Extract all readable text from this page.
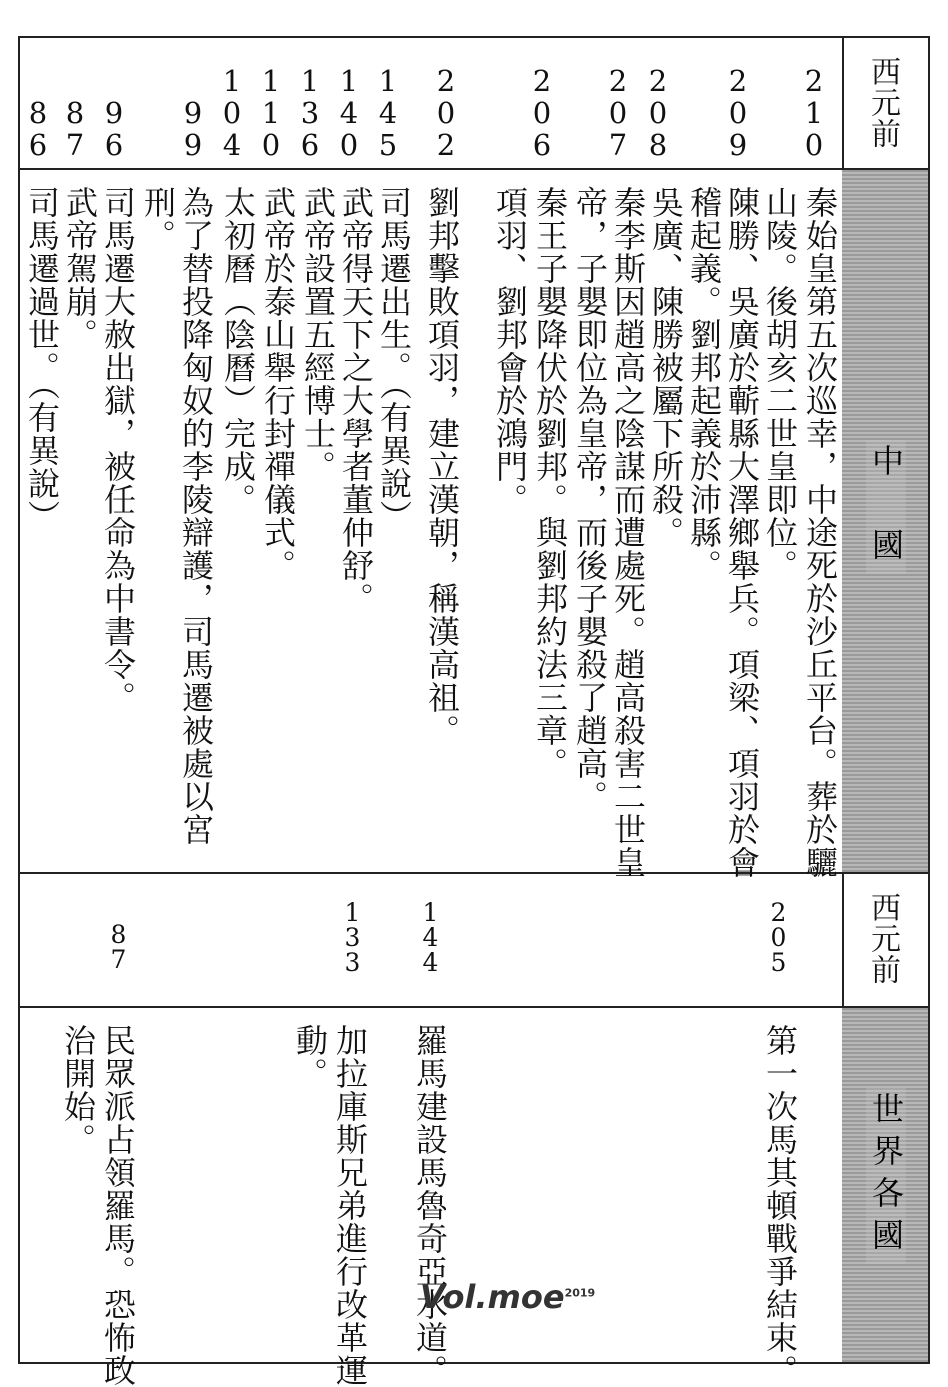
西元前
西元前
中　國
世界各國
210
209
208
207
206
202
145
140
136
110
104
99
96
87
86
秦始皇第五次巡幸，中途死於沙丘平台。葬於驪
山陵。後胡亥二世皇即位。
陳勝、吳廣於蘄縣大澤鄉舉兵。項梁、項羽於會
稽起義。劉邦起義於沛縣。
吳廣、陳勝被屬下所殺。
秦李斯因趙高之陰謀而遭處死。趙高殺害二世皇
帝，子嬰即位為皇帝，而後子嬰殺了趙高。
秦王子嬰降伏於劉邦。與劉邦約法三章。
項羽、劉邦會於鴻門。
劉邦擊敗項羽，建立漢朝，稱漢高祖。
司馬遷出生。（有異說）
武帝得天下之大學者董仲舒。
武帝設置五經博士。
武帝於泰山舉行封禪儀式。
太初曆（陰曆）完成。
為了替投降匈奴的李陵辯護，司馬遷被處以宮
刑。
司馬遷大赦出獄，被任命為中書令。
武帝駕崩。
司馬遷過世。（有異說）
205
144
133
87
第一次馬其頓戰爭結束。
羅馬建設馬魯奇亞水道。
加拉庫斯兄弟進行改革運
動。
民眾派占領羅馬。恐怖政
治開始。
Vol.moe$^{2019}$
